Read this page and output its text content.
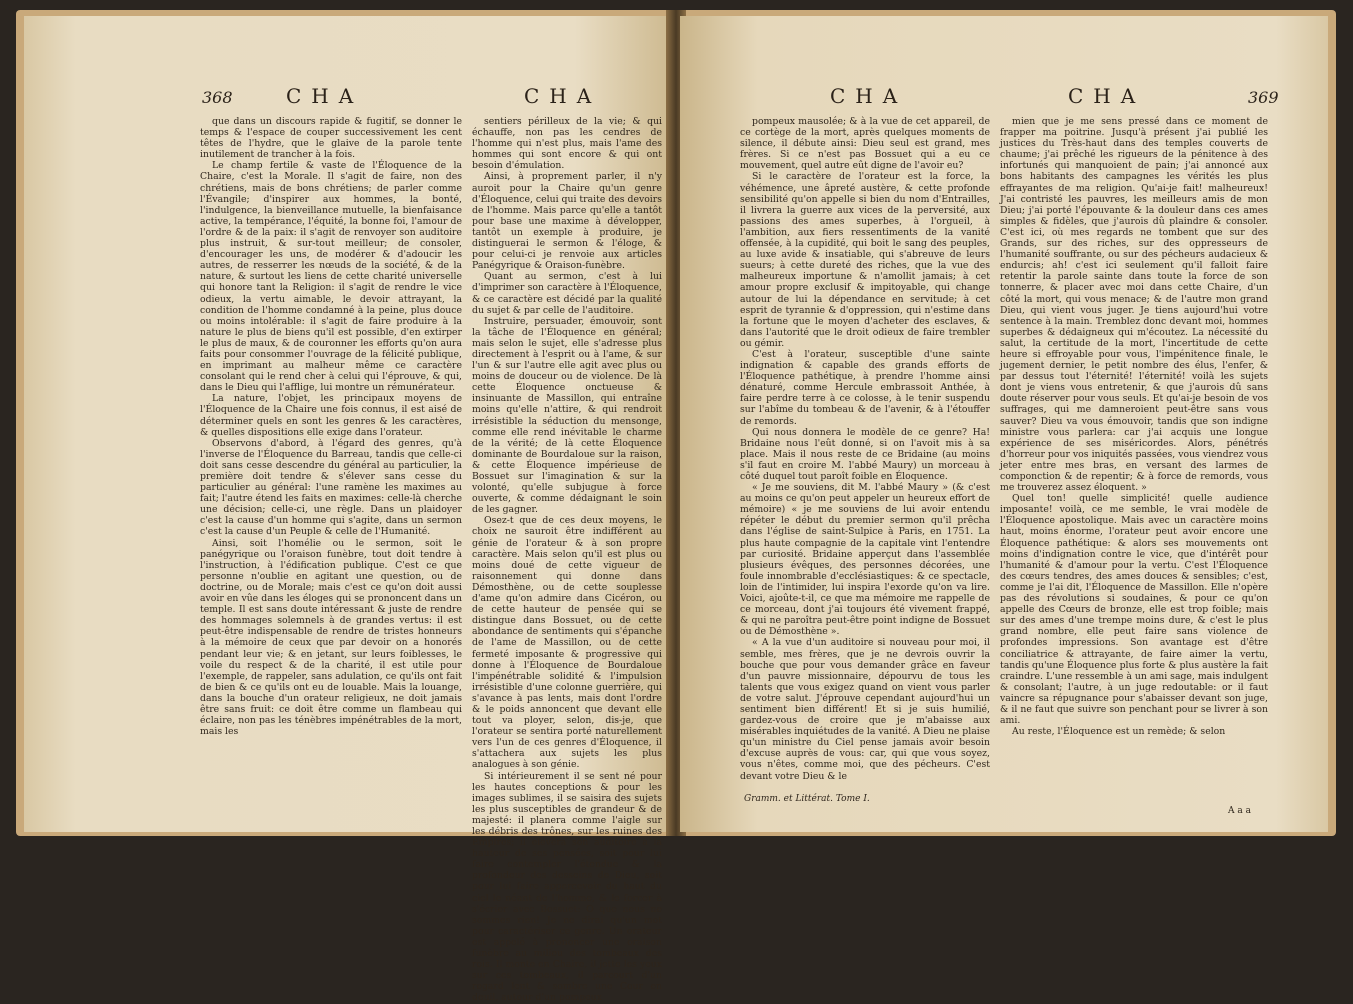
368	CHA	CHA

que dans un discours rapide & fugitif, se donner le temps & l'espace de couper successivement les cent têtes de l'hydre, que le glaive de la parole tente inutilement de trancher à la fois.

Le champ fertile & vaste de l'Éloquence de la Chaire, c'est la Morale. Il s'agit de faire, non des chrétiens, mais de bons chrétiens; de parler comme l'Évangile; d'inspirer aux hommes, la bonté, l'indulgence, la bienveillance mutuelle, la bienfaisance active, la tempérance, l'équité, la bonne foi, l'amour de l'ordre & de la paix: il s'agit de renvoyer son auditoire plus instruit, & sur-tout meilleur; de consoler, d'encourager les uns, de modérer & d'adoucir les autres, de resserrer les nœuds de la société, & de la nature, & surtout les liens de cette charité universelle qui honore tant la Religion: il s'agit de rendre le vice odieux, la vertu aimable, le devoir attrayant, la condition de l'homme condamné à la peine, plus douce ou moins intolérable: il s'agit de faire produire à la nature le plus de biens qu'il est possible, d'en extirper le plus de maux, & de couronner les efforts qu'on aura faits pour consommer l'ouvrage de la félicité publique, en imprimant au malheur même ce caractère consolant qui le rend cher à celui qui l'éprouve, & qui, dans le Dieu qui l'afflige, lui montre un rémunérateur.

La nature, l'objet, les principaux moyens de l'Éloquence de la Chaire une fois connus, il est aisé de déterminer quels en sont les genres & les caractères, & quelles dispositions elle exige dans l'orateur.

Observons d'abord, à l'égard des genres, qu'à l'inverse de l'Éloquence du Barreau, tandis que celle-ci doit sans cesse descendre du général au particulier, la première doit tendre & s'élever sans cesse du particulier au général: l'une ramène les maximes au fait; l'autre étend les faits en maximes: celle-là cherche une décision; celle-ci, une règle. Dans un plaidoyer c'est la cause d'un homme qui s'agite, dans un sermon c'est la cause d'un Peuple & celle de l'Humanité.

Ainsi, soit l'homélie ou le sermon, soit le panégyrique ou l'oraison funèbre, tout doit tendre à l'instruction, à l'édification publique. C'est ce que personne n'oublie en agitant une question, ou de doctrine, ou de Morale; mais c'est ce qu'on doit aussi avoir en vûe dans les éloges qui se prononcent dans un temple. Il est sans doute intéressant & juste de rendre des hommages solemnels à de grandes vertus: il est peut-être indispensable de rendre de tristes honneurs à la mémoire de ceux que par devoir on a honorés pendant leur vie; & en jetant, sur leurs foiblesses, le voile du respect & de la charité, il est utile pour l'exemple, de rappeler, sans adulation, ce qu'ils ont fait de bien & ce qu'ils ont eu de louable. Mais la louange, dans la bouche d'un orateur religieux, ne doit jamais être sans fruit: ce doit être comme un flambeau qui éclaire, non pas les ténèbres impénétrables de la mort, mais les

sentiers périlleux de la vie; & qui échauffe, non pas les cendres de l'homme qui n'est plus, mais l'ame des hommes qui sont encore & qui ont besoin d'émulation.

Ainsi, à proprement parler, il n'y auroit pour la Chaire qu'un genre d'Éloquence, celui qui traite des devoirs de l'homme. Mais parce qu'elle a tantôt pour base une maxime à développer, tantôt un exemple à produire, je distinguerai le sermon & l'éloge, & pour celui-ci je renvoie aux articles Panégyrique & Oraison-funèbre.

Quant au sermon, c'est à lui d'imprimer son caractère à l'Éloquence, & ce caractère est décidé par la qualité du sujet & par celle de l'auditoire.

Instruire, persuader, émouvoir, sont la tâche de l'Éloquence en général; mais selon le sujet, elle s'adresse plus directement à l'esprit ou à l'ame, & sur l'un & sur l'autre elle agit avec plus ou moins de douceur ou de violence. De là cette Éloquence onctueuse & insinuante de Massillon, qui entraîne moins qu'elle n'attire, & qui rendroit irrésistible la séduction du mensonge, comme elle rend inévitable le charme de la vérité; de là cette Éloquence dominante de Bourdaloue sur la raison, & cette Éloquence impérieuse de Bossuet sur l'imagination & sur la volonté, qu'elle subjugue à force ouverte, & comme dédaignant le soin de les gagner.

Osez-t que de ces deux moyens, le choix ne sauroit être indifférent au génie de l'orateur & à son propre caractère. Mais selon qu'il est plus ou moins doué de cette vigueur de raisonnement qui donne dans Démosthène, ou de cette souplesse d'ame qu'on admire dans Cicéron, ou de cette hauteur de pensée qui se distingue dans Bossuet, ou de cette abondance de sentiments qui s'épanche de l'ame de Massillon, ou de cette fermeté imposante & progressive qui donne à l'Éloquence de Bourdaloue l'impénétrable solidité & l'impulsion irrésistible d'une colonne guerrière, qui s'avance à pas lents, mais dont l'ordre & le poids annoncent que devant elle tout va ployer, selon, dis-je, que l'orateur se sentira porté naturellement vers l'un de ces genres d'Éloquence, il s'attachera aux sujets les plus analogues à son génie.

Si intérieurement il se sent né pour les hautes conceptions & pour les images sublimes, il se saisira des sujets les plus susceptibles de grandeur & de majesté: il planera comme l'aigle sur les débris des trônes, sur les ruines des Empires; il élevera son auditoire à la hauteur de ses pensées, soit pour lui faire contempler l'étendue & la profondeur des desseins de Dieu, soit pour lui faire appercevoir du haut du ciel le néant de l'homme, & le forcer à s'écrier avec Bossuet: O que nous ne sommes rien! Je ne dirai qu'un mot pour caractériser ce genre. Un orateur est appelé à prononcer une oraison funèbre au milieu des tombeaux des rois. Il monte en Chaire, il jette les yeux sur ces tombeaux, il parcourt d'un regard lent & sombre une Cour en deuil, autour d'un pompeux

CHA	CHA	369

pompeux mausolée; & à la vue de cet appareil, de ce cortège de la mort, après quelques moments de silence, il débute ainsi: Dieu seul est grand, mes frères. Si ce n'est pas Bossuet qui a eu ce mouvement, quel autre eût digne de l'avoir eu?

Si le caractère de l'orateur est la force, la véhémence, une âpreté austère, & cette profonde sensibilité qu'on appelle si bien du nom d'Entrailles, il livrera la guerre aux vices de la perversité, aux passions des ames superbes, à l'orgueil, à l'ambition, aux fiers ressentiments de la vanité offensée, à la cupidité, qui boit le sang des peuples, au luxe avide & insatiable, qui s'abreuve de leurs sueurs; à cette dureté des riches, que la vue des malheureux importune & n'amollit jamais; à cet amour propre exclusif & impitoyable, qui change autour de lui la dépendance en servitude; à cet esprit de tyrannie & d'oppression, qui n'estime dans la fortune que le moyen d'acheter des esclaves, & dans l'autorité que le droit odieux de faire trembler ou gémir.

C'est à l'orateur, susceptible d'une sainte indignation & capable des grands efforts de l'Éloquence pathétique, à prendre l'homme ainsi dénaturé, comme Hercule embrassoit Anthée, à faire perdre terre à ce colosse, à le tenir suspendu sur l'abîme du tombeau & de l'avenir, & à l'étouffer de remords.

Qui nous donnera le modèle de ce genre? Ha! Bridaine nous l'eût donné, si on l'avoit mis à sa place. Mais il nous reste de ce Bridaine (au moins s'il faut en croire M. l'abbé Maury) un morceau à côté duquel tout paroît foible en Éloquence.

« Je me souviens, dit M. l'abbé Maury » (& c'est au moins ce qu'on peut appeler un heureux effort de mémoire) « je me souviens de lui avoir entendu répéter le début du premier sermon qu'il prêcha dans l'église de saint-Sulpice à Paris, en 1751. La plus haute compagnie de la capitale vint l'entendre par curiosité. Bridaine apperçut dans l'assemblée plusieurs évêques, des personnes décorées, une foule innombrable d'ecclésiastiques: & ce spectacle, loin de l'intimider, lui inspira l'exorde qu'on va lire. Voici, ajoûte-t-il, ce que ma mémoire me rappelle de ce morceau, dont j'ai toujours été vivement frappé, & qui ne paroîtra peut-être point indigne de Bossuet ou de Démosthène ».

« A la vue d'un auditoire si nouveau pour moi, il semble, mes frères, que je ne devrois ouvrir la bouche que pour vous demander grâce en faveur d'un pauvre missionnaire, dépourvu de tous les talents que vous exigez quand on vient vous parler de votre salut. J'éprouve cependant aujourd'hui un sentiment bien différent! Et si je suis humilié, gardez-vous de croire que je m'abaisse aux misérables inquiétudes de la vanité. A Dieu ne plaise qu'un ministre du Ciel pense jamais avoir besoin d'excuse auprès de vous: car, qui que vous soyez, vous n'êtes, comme moi, que des pécheurs. C'est devant votre Dieu & le

mien que je me sens pressé dans ce moment de frapper ma poitrine. Jusqu'à présent j'ai publié les justices du Très-haut dans des temples couverts de chaume; j'ai prêché les rigueurs de la pénitence à des infortunés qui manquoient de pain; j'ai annoncé aux bons habitants des campagnes les vérités les plus effrayantes de ma religion. Qu'ai-je fait! malheureux! J'ai contristé les pauvres, les meilleurs amis de mon Dieu; j'ai porté l'épouvante & la douleur dans ces ames simples & fidèles, que j'aurois dû plaindre & consoler. C'est ici, où mes regards ne tombent que sur des Grands, sur des riches, sur des oppresseurs de l'humanité souffrante, ou sur des pécheurs audacieux & endurcis; ah! c'est ici seulement qu'il falloit faire retentir la parole sainte dans toute la force de son tonnerre, & placer avec moi dans cette Chaire, d'un côté la mort, qui vous menace; & de l'autre mon grand Dieu, qui vient vous juger. Je tiens aujourd'hui votre sentence à la main. Tremblez donc devant moi, hommes superbes & dédaigneux qui m'écoutez. La nécessité du salut, la certitude de la mort, l'incertitude de cette heure si effroyable pour vous, l'impénitence finale, le jugement dernier, le petit nombre des élus, l'enfer, & par dessus tout l'éternité! l'éternité! voilà les sujets dont je viens vous entretenir, & que j'aurois dû sans doute réserver pour vous seuls. Et qu'ai-je besoin de vos suffrages, qui me damneroient peut-être sans vous sauver? Dieu va vous émouvoir, tandis que son indigne ministre vous parlera: car j'ai acquis une longue expérience de ses miséricordes. Alors, pénétrés d'horreur pour vos iniquités passées, vous viendrez vous jeter entre mes bras, en versant des larmes de componction & de repentir; & à force de remords, vous me trouverez assez éloquent. »

Quel ton! quelle simplicité! quelle audience imposante! voilà, ce me semble, le vrai modèle de l'Éloquence apostolique. Mais avec un caractère moins haut, moins énorme, l'orateur peut avoir encore une Éloquence pathétique: & alors ses mouvements ont moins d'indignation contre le vice, que d'intérêt pour l'humanité & d'amour pour la vertu. C'est l'Éloquence des cœurs tendres, des ames douces & sensibles; c'est, comme je l'ai dit, l'Éloquence de Massillon. Elle n'opère pas des révolutions si soudaines, & pour ce qu'on appelle des Cœurs de bronze, elle est trop foible; mais sur des ames d'une trempe moins dure, & c'est le plus grand nombre, elle peut faire sans violence de profondes impressions. Son avantage est d'être conciliatrice & attrayante, de faire aimer la vertu, tandis qu'une Éloquence plus forte & plus austère la fait craindre. L'une ressemble à un ami sage, mais indulgent & consolant; l'autre, à un juge redoutable: or il faut vaincre sa répugnance pour s'abaisser devant son juge, & il ne faut que suivre son penchant pour se livrer à son ami.

Au reste, l'Éloquence est un remède; & selon

Gramm. et Littérat. Tome I.
A a a
